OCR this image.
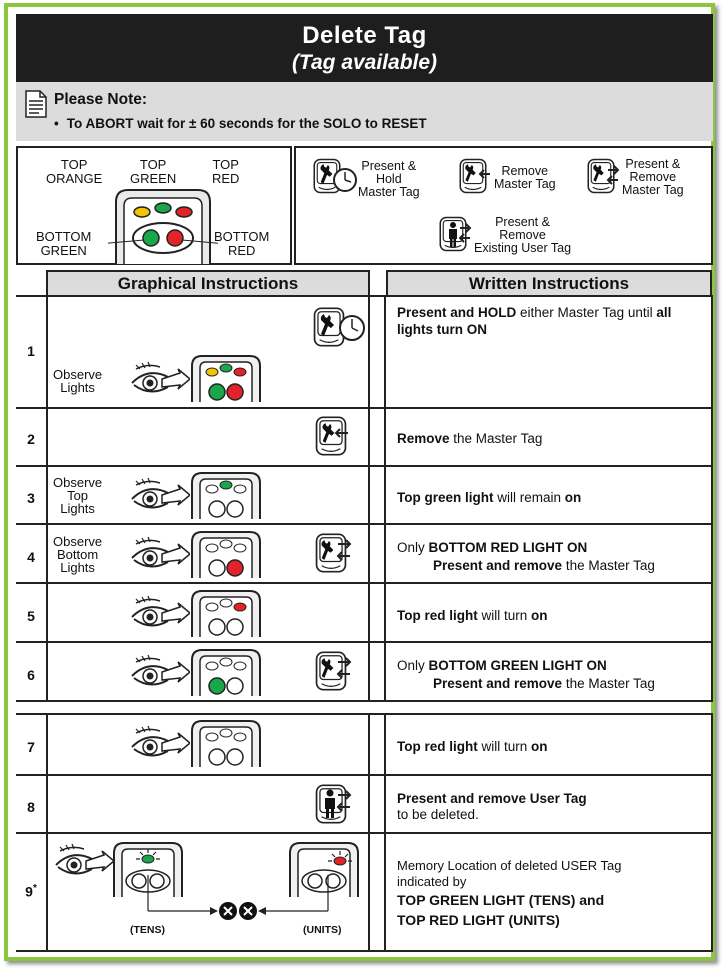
Delete Tag
(Tag available)
Please Note:
• To ABORT wait for ± 60 seconds for the SOLO to RESET
TOP
ORANGE
TOP
GREEN
TOP
RED
BOTTOM
GREEN
BOTTOM
RED
Present &
Hold
Master Tag
Remove
Master Tag
Present &
Remove
Master Tag
Present &
Remove
Existing User Tag
Graphical Instructions	Written Instructions
1
Observe
Lights
Present and HOLD either Master Tag until all lights turn ON
2	Remove the Master Tag
3
Observe
Top
Lights
Top green light will remain on
4
Observe
Bottom
Lights
Only BOTTOM RED LIGHT ON
Present and remove the Master Tag
5	Top red light will turn on
6
Only BOTTOM GREEN LIGHT ON
Present and remove the Master Tag
7	Top red light will turn on
8
Present and remove User Tag
to be deleted.
9*
(TENS)	(UNITS)
Memory Location of deleted USER Tag
indicated by
TOP GREEN LIGHT (TENS) and
TOP RED LIGHT (UNITS)
